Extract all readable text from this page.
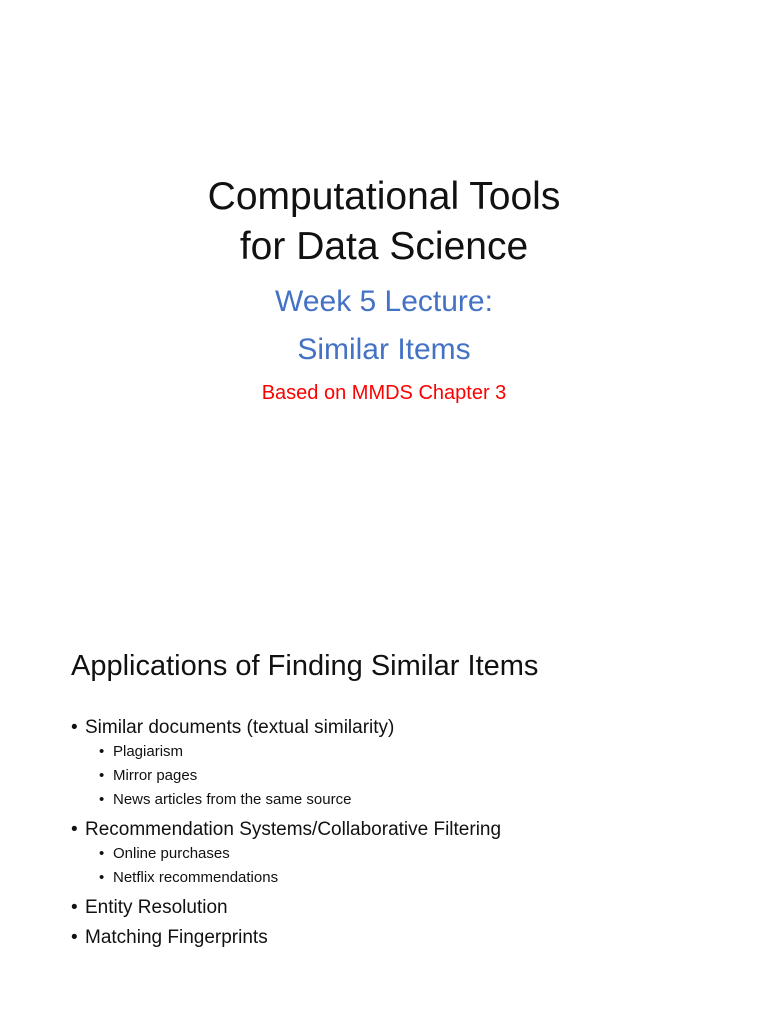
Computational Tools
for Data Science
Week 5 Lecture:
Similar Items
Based on MMDS Chapter 3
Applications of Finding Similar Items
• Similar documents (textual similarity)
• Plagiarism
• Mirror pages
• News articles from the same source
• Recommendation Systems/Collaborative Filtering
• Online purchases
• Netflix recommendations
• Entity Resolution
• Matching Fingerprints
